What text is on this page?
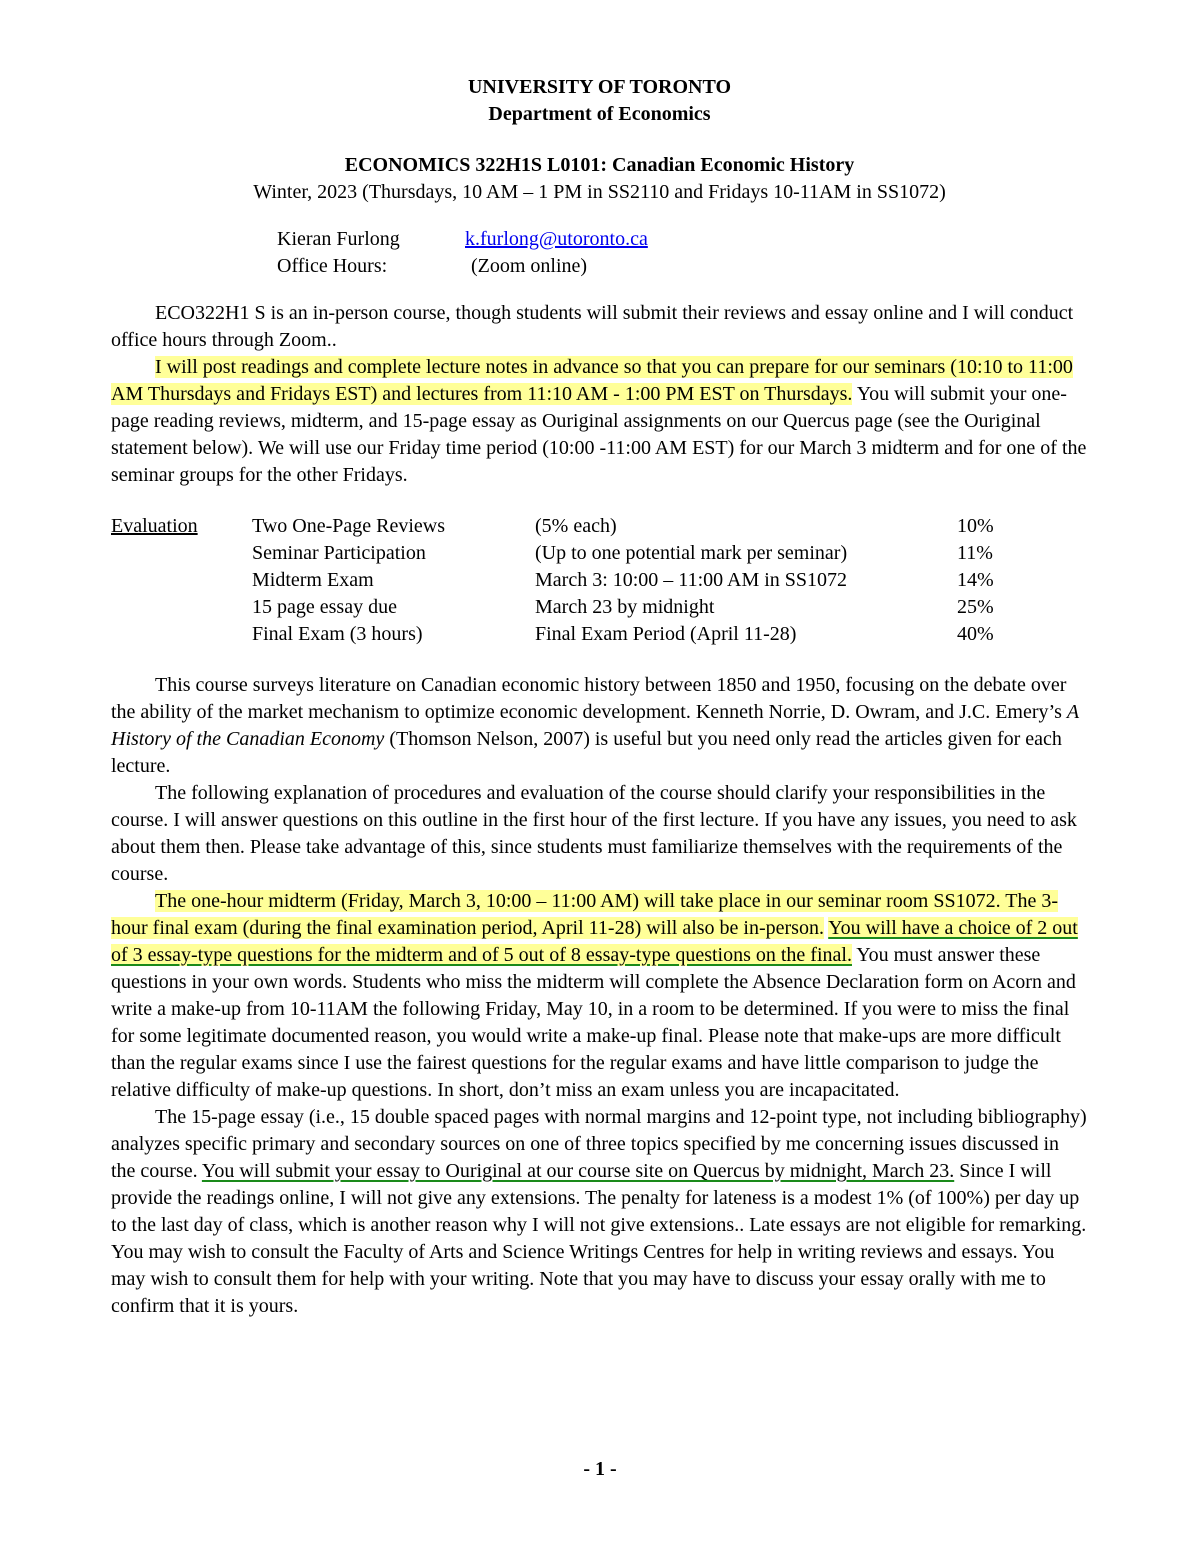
UNIVERSITY OF TORONTO
Department of Economics
ECONOMICS 322H1S L0101: Canadian Economic History
Winter, 2023 (Thursdays, 10 AM – 1 PM in SS2110 and Fridays 10-11AM in SS1072)
Kieran Furlong	k.furlong@utoronto.ca
Office Hours:	(Zoom online)

ECO322H1 S is an in-person course, though students will submit their reviews and essay online and I will conduct office hours through Zoom..

I will post readings and complete lecture notes in advance so that you can prepare for our seminars (10:10 to 11:00 AM Thursdays and Fridays EST) and lectures from 11:10 AM - 1:00 PM EST on Thursdays. You will submit your one-page reading reviews, midterm, and 15-page essay as Ouriginal assignments on our Quercus page (see the Ouriginal statement below). We will use our Friday time period (10:00 -11:00 AM EST) for our March 3 midterm and for one of the seminar groups for the other Fridays.

Evaluation	Two One-Page Reviews	(5% each)	10%
	Seminar Participation	(Up to one potential mark per seminar)	11%
	Midterm Exam	March 3: 10:00 – 11:00 AM in SS1072	14%
	15 page essay due	March 23 by midnight	25%
	Final Exam (3 hours)	Final Exam Period (April 11-28)	40%

This course surveys literature on Canadian economic history between 1850 and 1950, focusing on the debate over the ability of the market mechanism to optimize economic development. Kenneth Norrie, D. Owram, and J.C. Emery’s A History of the Canadian Economy (Thomson Nelson, 2007) is useful but you need only read the articles given for each lecture.

The following explanation of procedures and evaluation of the course should clarify your responsibilities in the course. I will answer questions on this outline in the first hour of the first lecture. If you have any issues, you need to ask about them then. Please take advantage of this, since students must familiarize themselves with the requirements of the course.

The one-hour midterm (Friday, March 3, 10:00 – 11:00 AM) will take place in our seminar room SS1072. The 3-hour final exam (during the final examination period, April 11-28) will also be in-person. You will have a choice of 2 out of 3 essay-type questions for the midterm and of 5 out of 8 essay-type questions on the final. You must answer these questions in your own words. Students who miss the midterm will complete the Absence Declaration form on Acorn and write a make-up from 10-11AM the following Friday, May 10, in a room to be determined. If you were to miss the final for some legitimate documented reason, you would write a make-up final. Please note that make-ups are more difficult than the regular exams since I use the fairest questions for the regular exams and have little comparison to judge the relative difficulty of make-up questions. In short, don’t miss an exam unless you are incapacitated.

The 15-page essay (i.e., 15 double spaced pages with normal margins and 12-point type, not including bibliography) analyzes specific primary and secondary sources on one of three topics specified by me concerning issues discussed in the course. You will submit your essay to Ouriginal at our course site on Quercus by midnight, March 23. Since I will provide the readings online, I will not give any extensions. The penalty for lateness is a modest 1% (of 100%) per day up to the last day of class, which is another reason why I will not give extensions.. Late essays are not eligible for remarking. You may wish to consult the Faculty of Arts and Science Writings Centres for help in writing reviews and essays. You may wish to consult them for help with your writing. Note that you may have to discuss your essay orally with me to confirm that it is yours.

- 1 -
